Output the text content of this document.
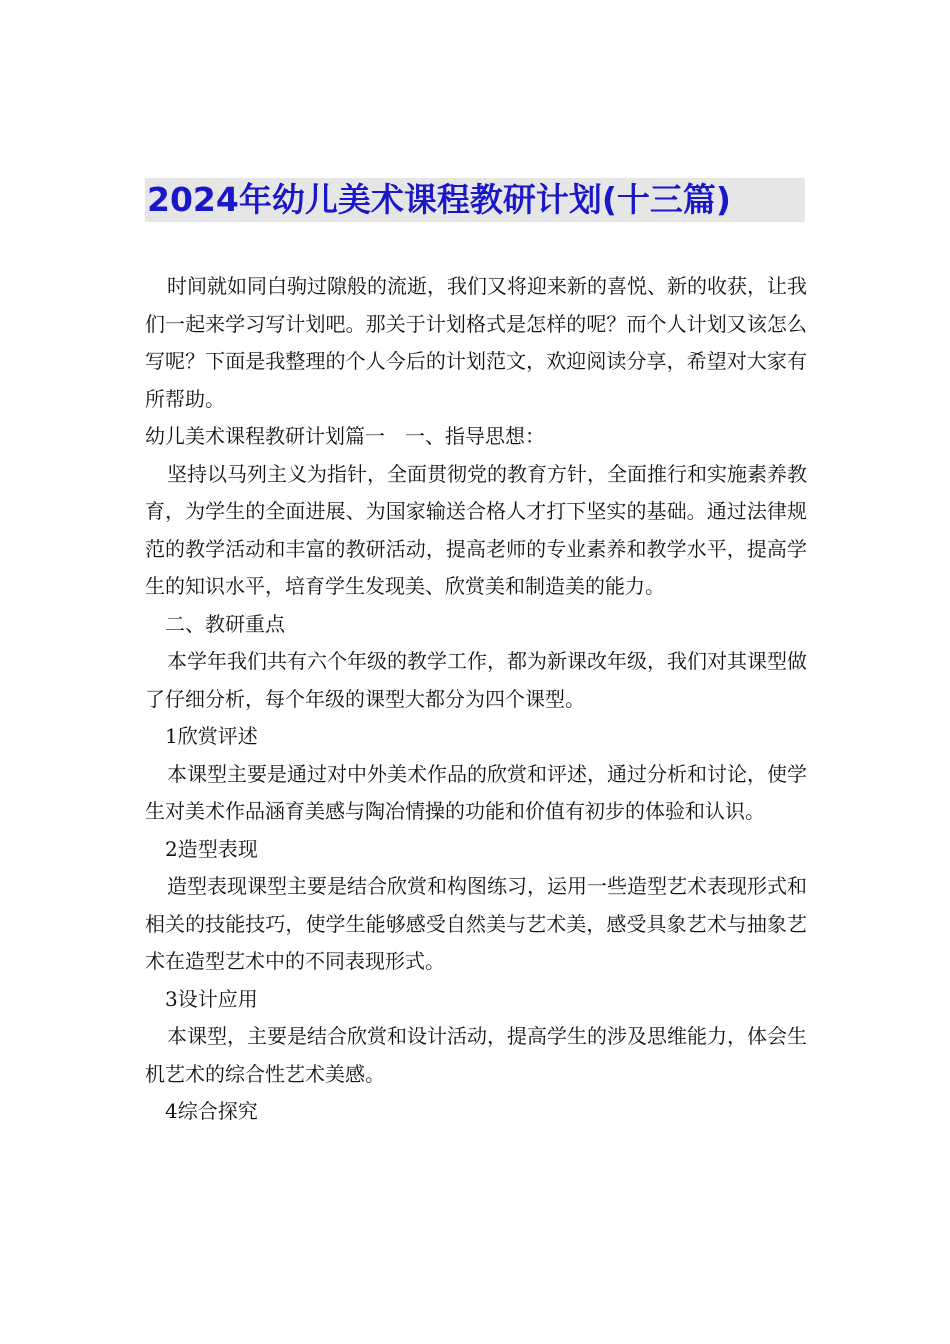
2024年幼儿美术课程教研计划(十三篇)

时间就如同白驹过隙般的流逝，我们又将迎来新的喜悦、新的收获，让我们一起来学习写计划吧。那关于计划格式是怎样的呢？而个人计划又该怎么写呢？下面是我整理的个人今后的计划范文，欢迎阅读分享，希望对大家有所帮助。

幼儿美术课程教研计划篇一　一、指导思想：

坚持以马列主义为指针，全面贯彻党的教育方针，全面推行和实施素养教育，为学生的全面进展、为国家输送合格人才打下坚实的基础。通过法律规范的教学活动和丰富的教研活动，提高老师的专业素养和教学水平，提高学生的知识水平，培育学生发现美、欣赏美和制造美的能力。

二、教研重点

本学年我们共有六个年级的教学工作，都为新课改年级，我们对其课型做了仔细分析，每个年级的课型大都分为四个课型。

1欣赏评述

本课型主要是通过对中外美术作品的欣赏和评述，通过分析和讨论，使学生对美术作品涵育美感与陶冶情操的功能和价值有初步的体验和认识。

2造型表现

造型表现课型主要是结合欣赏和构图练习，运用一些造型艺术表现形式和相关的技能技巧，使学生能够感受自然美与艺术美，感受具象艺术与抽象艺术在造型艺术中的不同表现形式。

3设计应用

本课型，主要是结合欣赏和设计活动，提高学生的涉及思维能力，体会生机艺术的综合性艺术美感。

4综合探究
